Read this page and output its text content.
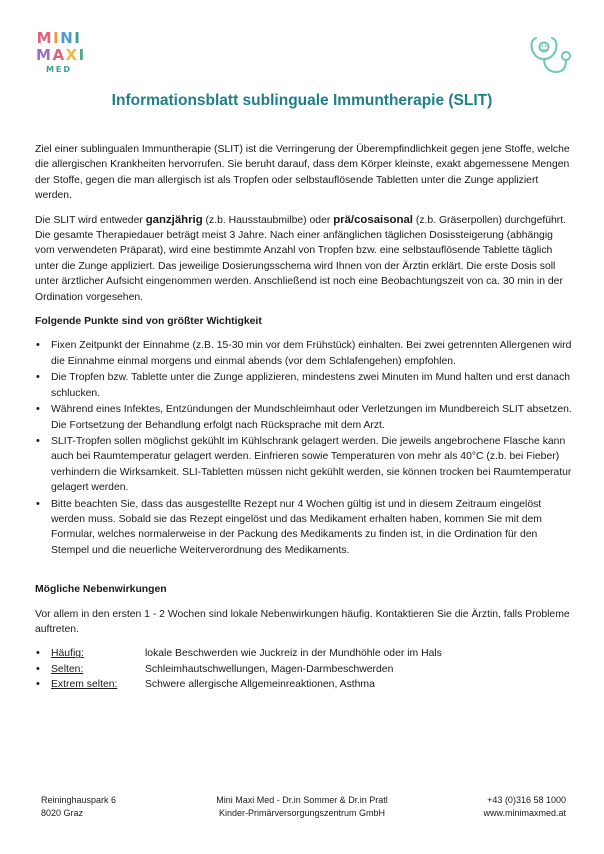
MINI
MAXI
MED
Informationsblatt sublinguale Immuntherapie (SLIT)

Ziel einer sublingualen Immuntherapie (SLIT) ist die Verringerung der Überempfindlichkeit gegen jene Stoffe, welche die allergischen Krankheiten hervorrufen. Sie beruht darauf, dass dem Körper kleinste, exakt abgemessene Mengen der Stoffe, gegen die man allergisch ist als Tropfen oder selbstauflösende Tabletten unter die Zunge appliziert werden.

Die SLIT wird entweder ganzjährig (z.b. Hausstaubmilbe) oder prä/cosaisonal (z.b. Gräserpollen) durchgeführt. Die gesamte Therapiedauer beträgt meist 3 Jahre. Nach einer anfänglichen täglichen Dosissteigerung (abhängig vom verwendeten Präparat), wird eine bestimmte Anzahl von Tropfen bzw. eine selbstauflösende Tablette täglich unter die Zunge appliziert. Das jeweilige Dosierungsschema wird Ihnen von der Ärztin erklärt. Die erste Dosis soll unter ärztlicher Aufsicht eingenommen werden. Anschließend ist noch eine Beobachtungszeit von ca. 30 min in der Ordination vorgesehen.

Folgende Punkte sind von größter Wichtigkeit
• Fixen Zeitpunkt der Einnahme (z.B. 15-30 min vor dem Frühstück) einhalten. Bei zwei getrennten Allergenen wird die Einnahme einmal morgens und einmal abends (vor dem Schlafengehen) empfohlen.
• Die Tropfen bzw. Tablette unter die Zunge applizieren, mindestens zwei Minuten im Mund halten und erst danach schlucken.
• Während eines Infektes, Entzündungen der Mundschleimhaut oder Verletzungen im Mundbereich SLIT absetzen. Die Fortsetzung der Behandlung erfolgt nach Rücksprache mit dem Arzt.
• SLIT-Tropfen sollen möglichst gekühlt im Kühlschrank gelagert werden. Die jeweils angebrochene Flasche kann auch bei Raumtemperatur gelagert werden. Einfrieren sowie Temperaturen von mehr als 40°C (z.b. bei Fieber) verhindern die Wirksamkeit. SLI-Tabletten müssen nicht gekühlt werden, sie können trocken bei Raumtemperatur gelagert werden.
• Bitte beachten Sie, dass das ausgestellte Rezept nur 4 Wochen gültig ist und in diesem Zeitraum eingelöst werden muss. Sobald sie das Rezept eingelöst und das Medikament erhalten haben, kommen Sie mit dem Formular, welches normalerweise in der Packung des Medikaments zu finden ist, in die Ordination für den Stempel und die neuerliche Weiterverordnung des Medikaments.
Mögliche Nebenwirkungen

Vor allem in den ersten 1 - 2 Wochen sind lokale Nebenwirkungen häufig. Kontaktieren Sie die Ärztin, falls Probleme auftreten.

• Häufig:	lokale Beschwerden wie Juckreiz in der Mundhöhle oder im Hals
• Selten:	Schleimhautschwellungen, Magen-Darmbeschwerden
• Extrem selten:	Schwere allergische Allgemeinreaktionen, Asthma
Reininghauspark 6
8020 Graz
Mini Maxi Med - Dr.in Sommer & Dr.in Pratl
Kinder-Primärversorgungszentrum GmbH
+43 (0)316 58 1000
www.minimaxmed.at
